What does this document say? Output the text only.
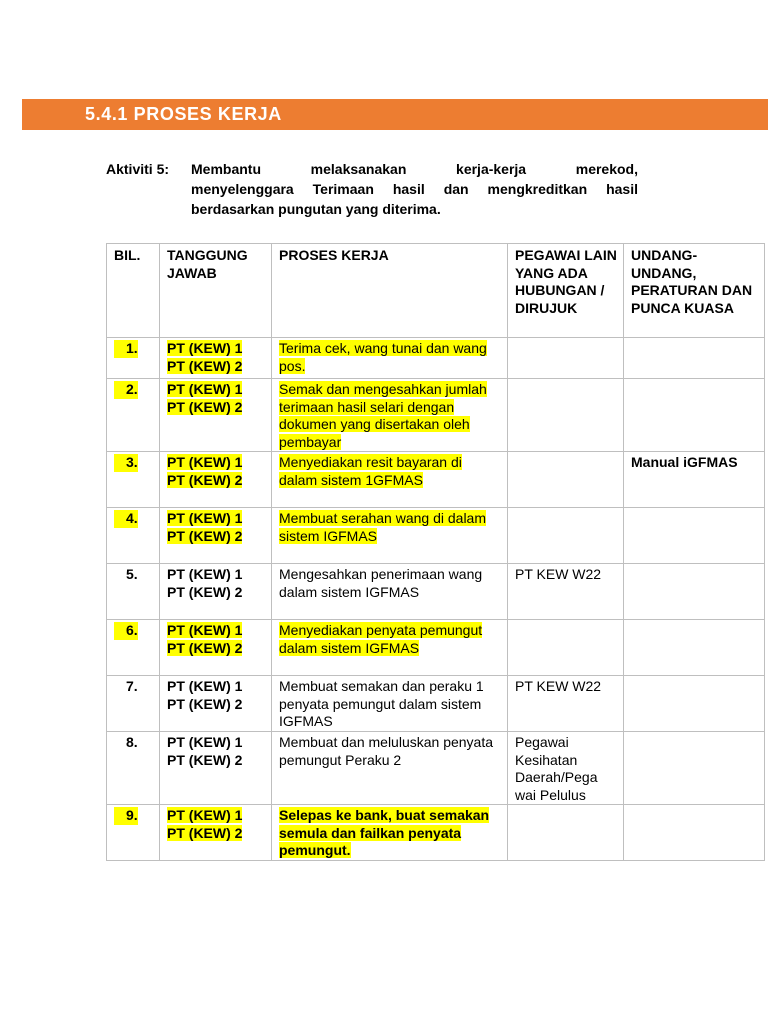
5.4.1 PROSES KERJA
Aktiviti 5: Membantu melaksanakan kerja-kerja merekod,
menyelenggara Terimaan hasil dan mengkreditkan hasil
berdasarkan pungutan yang diterima.
BIL.	TANGGUNG JAWAB	PROSES KERJA	PEGAWAI LAIN YANG ADA HUBUNGAN / DIRUJUK	UNDANG-UNDANG, PERATURAN DAN PUNCA KUASA
1.	PT (KEW) 1
PT (KEW) 2	Terima cek, wang tunai dan wang pos.		
2.	PT (KEW) 1
PT (KEW) 2	Semak dan mengesahkan jumlah terimaan hasil selari dengan dokumen yang disertakan oleh pembayar		
3.	PT (KEW) 1
PT (KEW) 2	Menyediakan resit bayaran di dalam sistem 1GFMAS		Manual iGFMAS
4.	PT (KEW) 1
PT (KEW) 2	Membuat serahan wang di dalam sistem IGFMAS		
5.	PT (KEW) 1
PT (KEW) 2	Mengesahkan penerimaan wang dalam sistem IGFMAS	PT KEW W22	
6.	PT (KEW) 1
PT (KEW) 2	Menyediakan penyata pemungut dalam sistem IGFMAS		
7.	PT (KEW) 1
PT (KEW) 2	Membuat semakan dan peraku 1 penyata pemungut dalam sistem IGFMAS	PT KEW W22	
8.	PT (KEW) 1
PT (KEW) 2	Membuat dan meluluskan penyata pemungut Peraku 2	Pegawai Kesihatan Daerah/Pega wai Pelulus	
9.	PT (KEW) 1
PT (KEW) 2	Selepas ke bank, buat semakan semula dan failkan penyata pemungut.		
